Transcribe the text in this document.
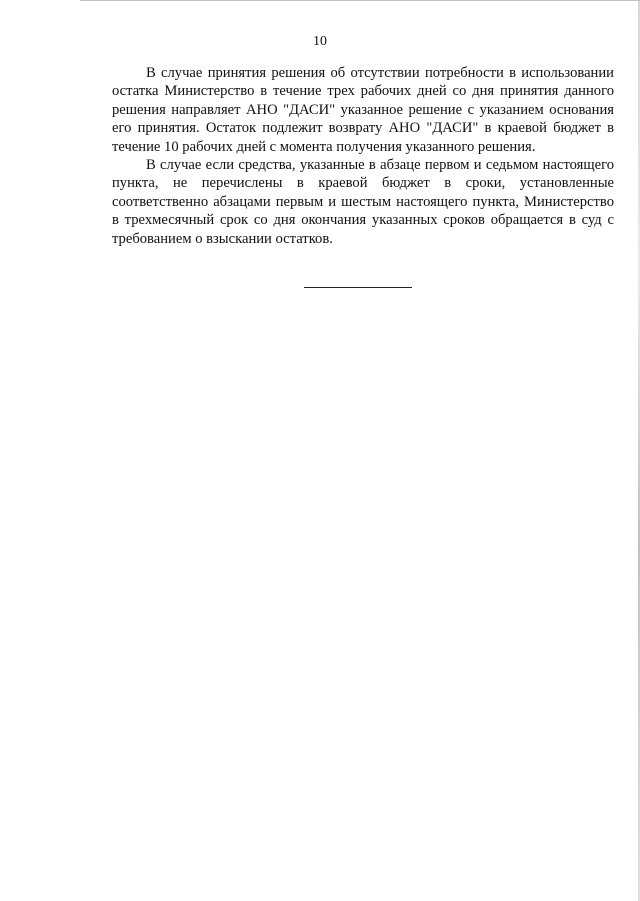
10

В случае принятия решения об отсутствии потребности в использовании остатка Министерство в течение трех рабочих дней со дня принятия данного решения направляет АНО "ДАСИ" указанное решение с указанием основания его принятия. Остаток подлежит возврату АНО "ДАСИ" в краевой бюджет в течение 10 рабочих дней с момента получения указанного решения.

В случае если средства, указанные в абзаце первом и седьмом настоящего пункта, не перечислены в краевой бюджет в сроки, установленные соответственно абзацами первым и шестым настоящего пункта, Министерство в трехмесячный срок со дня окончания указанных сроков обращается в суд с требованием о взыскании остатков.
